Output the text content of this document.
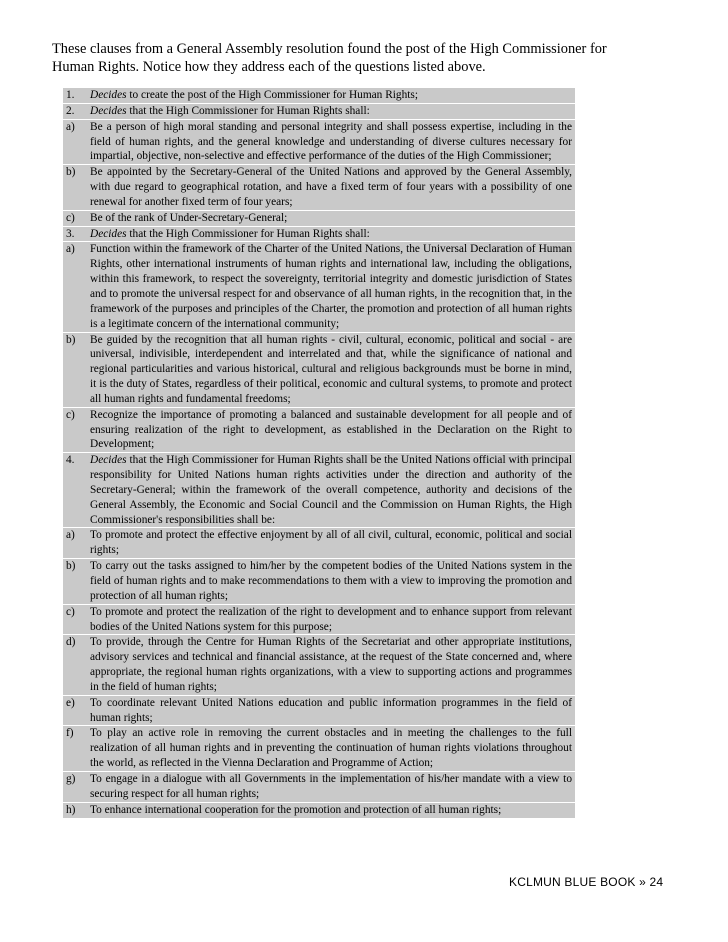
These clauses from a General Assembly resolution found the post of the High Commissioner for Human Rights. Notice how they address each of the questions listed above.
1.	Decides to create the post of the High Commissioner for Human Rights;
2.	Decides that the High Commissioner for Human Rights shall:
a)	Be a person of high moral standing and personal integrity and shall possess expertise, including in the field of human rights, and the general knowledge and understanding of diverse cultures necessary for impartial, objective, non-selective and effective performance of the duties of the High Commissioner;
b)	Be appointed by the Secretary-General of the United Nations and approved by the General Assembly, with due regard to geographical rotation, and have a fixed term of four years with a possibility of one renewal for another fixed term of four years;
c)	Be of the rank of Under-Secretary-General;
3.	Decides that the High Commissioner for Human Rights shall:
a)	Function within the framework of the Charter of the United Nations, the Universal Declaration of Human Rights, other international instruments of human rights and international law, including the obligations, within this framework, to respect the sovereignty, territorial integrity and domestic jurisdiction of States and to promote the universal respect for and observance of all human rights, in the recognition that, in the framework of the purposes and principles of the Charter, the promotion and protection of all human rights is a legitimate concern of the international community;
b)	Be guided by the recognition that all human rights - civil, cultural, economic, political and social - are universal, indivisible, interdependent and interrelated and that, while the significance of national and regional particularities and various historical, cultural and religious backgrounds must be borne in mind, it is the duty of States, regardless of their political, economic and cultural systems, to promote and protect all human rights and fundamental freedoms;
c)	Recognize the importance of promoting a balanced and sustainable development for all people and of ensuring realization of the right to development, as established in the Declaration on the Right to Development;
4.	Decides that the High Commissioner for Human Rights shall be the United Nations official with principal responsibility for United Nations human rights activities under the direction and authority of the Secretary-General; within the framework of the overall competence, authority and decisions of the General Assembly, the Economic and Social Council and the Commission on Human Rights, the High Commissioner's responsibilities shall be:
a)	To promote and protect the effective enjoyment by all of all civil, cultural, economic, political and social rights;
b)	To carry out the tasks assigned to him/her by the competent bodies of the United Nations system in the field of human rights and to make recommendations to them with a view to improving the promotion and protection of all human rights;
c)	To promote and protect the realization of the right to development and to enhance support from relevant bodies of the United Nations system for this purpose;
d)	To provide, through the Centre for Human Rights of the Secretariat and other appropriate institutions, advisory services and technical and financial assistance, at the request of the State concerned and, where appropriate, the regional human rights organizations, with a view to supporting actions and programmes in the field of human rights;
e)	To coordinate relevant United Nations education and public information programmes in the field of human rights;
f)	To play an active role in removing the current obstacles and in meeting the challenges to the full realization of all human rights and in preventing the continuation of human rights violations throughout the world, as reflected in the Vienna Declaration and Programme of Action;
g)	To engage in a dialogue with all Governments in the implementation of his/her mandate with a view to securing respect for all human rights;
h)	To enhance international cooperation for the promotion and protection of all human rights;
KCLMUN BLUE BOOK » 24
